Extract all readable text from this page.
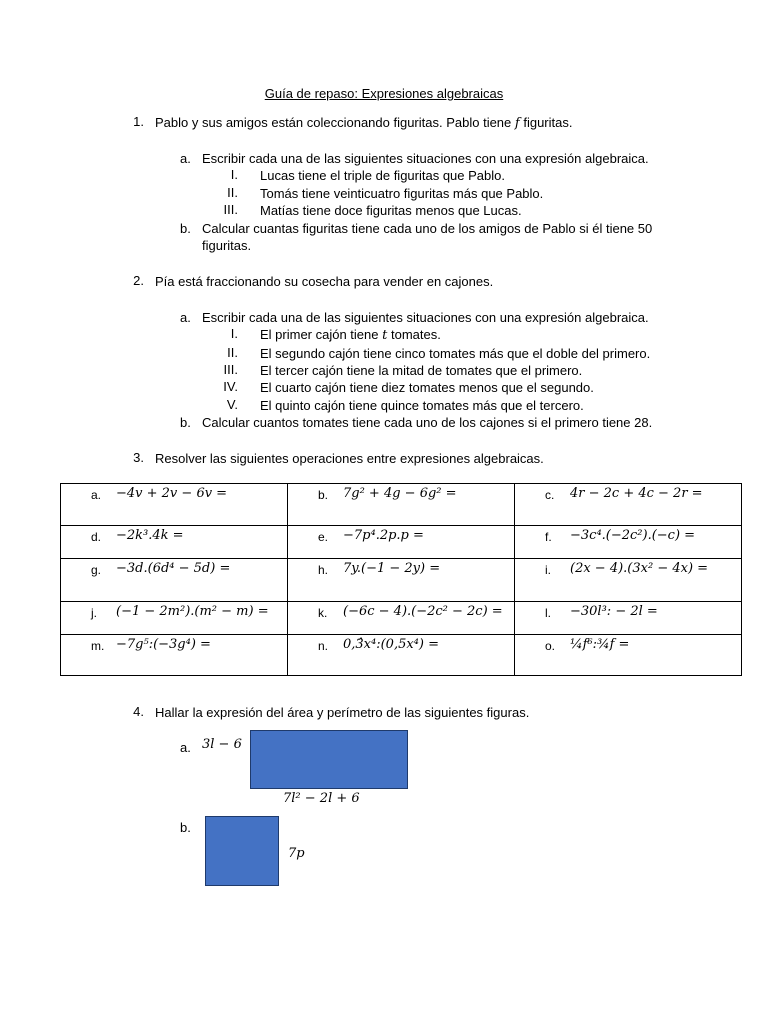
Guía de repaso: Expresiones algebraicas
1. Pablo y sus amigos están coleccionando figuritas. Pablo tiene f figuritas.
a. Escribir cada una de las siguientes situaciones con una expresión algebraica.
I. Lucas tiene el triple de figuritas que Pablo.
II. Tomás tiene veinticuatro figuritas más que Pablo.
III. Matías tiene doce figuritas menos que Lucas.
b. Calcular cuantas figuritas tiene cada uno de los amigos de Pablo si él tiene 50
figuritas.
2. Pía está fraccionando su cosecha para vender en cajones.
a. Escribir cada una de las siguientes situaciones con una expresión algebraica.
I. El primer cajón tiene t tomates.
II. El segundo cajón tiene cinco tomates más que el doble del primero.
III. El tercer cajón tiene la mitad de tomates que el primero.
IV. El cuarto cajón tiene diez tomates menos que el segundo.
V. El quinto cajón tiene quince tomates más que el tercero.
b. Calcular cuantos tomates tiene cada uno de los cajones si el primero tiene 28.
3. Resolver las siguientes operaciones entre expresiones algebraicas.
a. −4v + 2v − 6v =	b. 7g² + 4g − 6g² =	c. 4r − 2c + 4c − 2r =

d. −2k³.4k =	e. −7p⁴.2p.p =	f. −3c⁴.(−2c²).(−c) =

g. −3d.(6d⁴ − 5d) =	h. 7y.(−1 − 2y) =	i. (2x − 4).(3x² − 4x) =

j. (−1 − 2m²).(m² − m) =	k. (−6c − 4).(−2c² − 2c) =	l. −30l³: − 2l =

m. −7g⁵:(−3g⁴) =	n. 0,3̂x⁴:(0,5x⁴) =	o. ¼f⁶:¾f =
4. Hallar la expresión del área y perímetro de las siguientes figuras.
a. 3l − 6
7l² − 2l + 6
b.
7p
